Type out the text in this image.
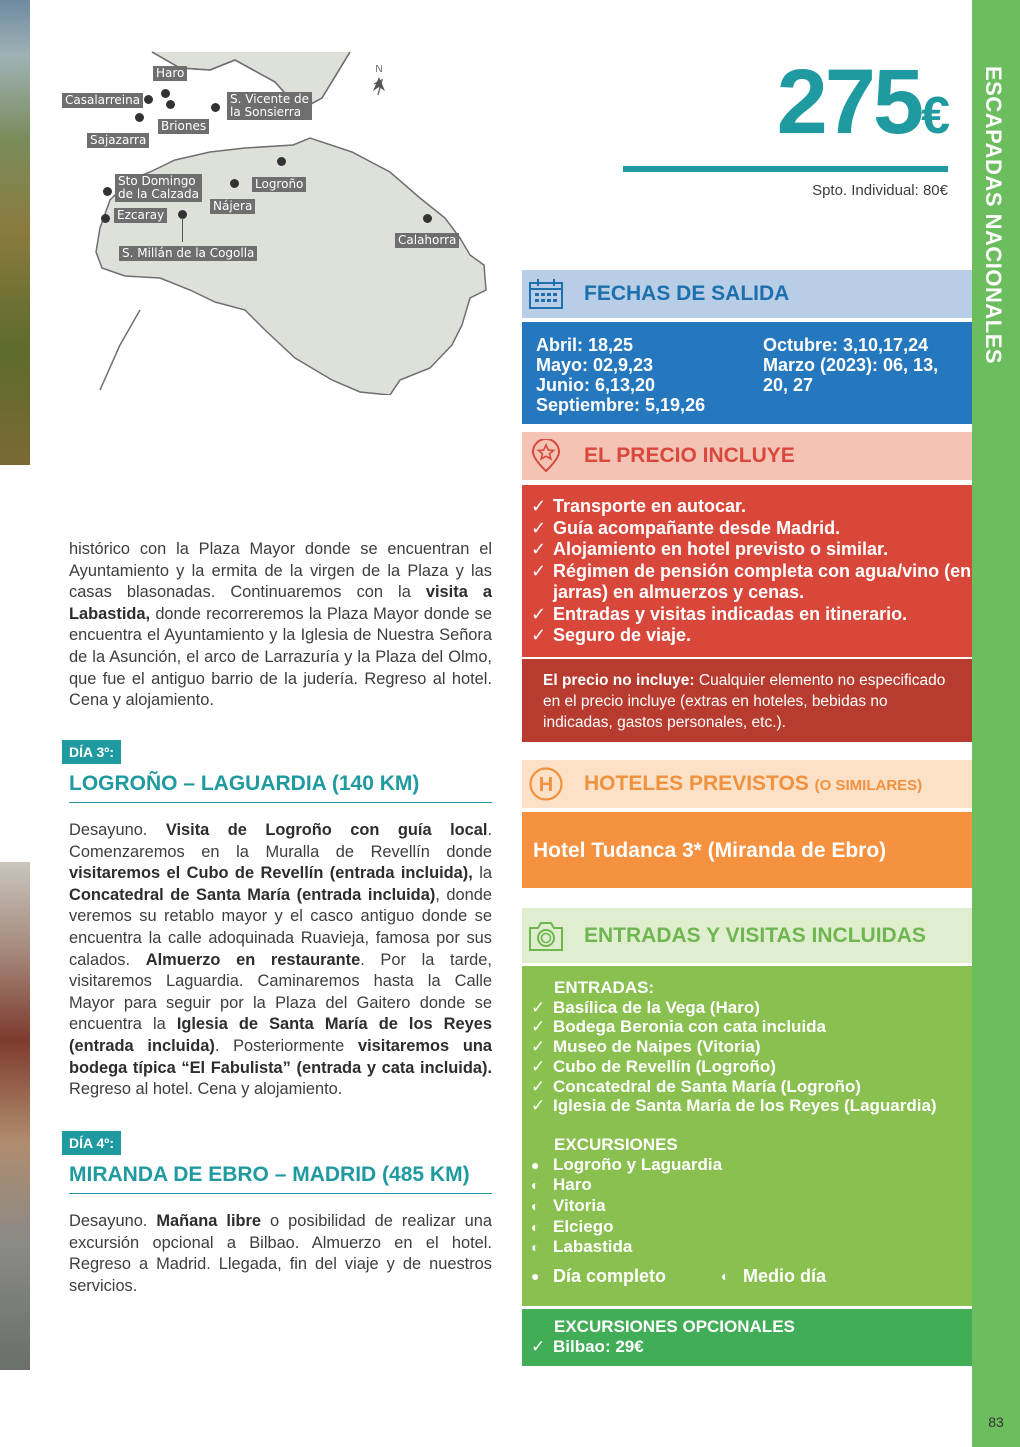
ESCAPADAS NACIONALES
83
N
Haro
Casalarreina
Briones
Sajazarra
S. Vicente de
la Sonsierra
Sto Domingo
de la Calzada
Logroño
Nájera
Ezcaray
S. Millán de la Cogolla
Calahorra
275€
Spto. Individual: 80€
FECHAS DE SALIDA
Abril: 18,25
Mayo: 02,9,23
Junio: 6,13,20
Septiembre: 5,19,26
Octubre: 3,10,17,24
Marzo (2023): 06, 13,
20, 27
EL PRECIO INCLUYE
✓ Transporte en autocar.
✓ Guía acompañante desde Madrid.
✓ Alojamiento en hotel previsto o similar.
✓ Régimen de pensión completa con agua/vino (en jarras) en almuerzos y cenas.
✓ Entradas y visitas indicadas en itinerario.
✓ Seguro de viaje.
El precio no incluye: Cualquier elemento no especificado en el precio incluye (extras en hoteles, bebidas no indicadas, gastos personales, etc.).
H HOTELES PREVISTOS (O SIMILARES)
Hotel Tudanca 3* (Miranda de Ebro)
ENTRADAS Y VISITAS INCLUIDAS
ENTRADAS:
✓ Basílica de la Vega (Haro)
✓ Bodega Beronia con cata incluida
✓ Museo de Naipes (Vitoria)
✓ Cubo de Revellín (Logroño)
✓ Concatedral de Santa María (Logroño)
✓ Iglesia de Santa María de los Reyes (Laguardia)
EXCURSIONES
● Logroño y Laguardia
◐ Haro
◐ Vitoria
◐ Elciego
◐ Labastida
● Día completo	◐ Medio día
EXCURSIONES OPCIONALES
✓ Bilbao: 29€
histórico con la Plaza Mayor donde se encuentran el Ayuntamiento y la ermita de la virgen de la Plaza y las casas blasonadas. Continuaremos con la visita a Labastida, donde recorreremos la Plaza Mayor donde se encuentra el Ayuntamiento y la Iglesia de Nuestra Señora de la Asunción, el arco de Larrazuría y la Plaza del Olmo, que fue el antiguo barrio de la judería. Regreso al hotel. Cena y alojamiento.
DÍA 3º:
LOGROÑO – LAGUARDIA (140 KM)
Desayuno. Visita de Logroño con guía local. Comenzaremos en la Muralla de Revellín donde visitaremos el Cubo de Revellín (entrada incluida), la Concatedral de Santa María (entrada incluida), donde veremos su retablo mayor y el casco antiguo donde se encuentra la calle adoquinada Ruavieja, famosa por sus calados. Almuerzo en restaurante. Por la tarde, visitaremos Laguardia. Caminaremos hasta la Calle Mayor para seguir por la Plaza del Gaitero donde se encuentra la Iglesia de Santa María de los Reyes (entrada incluida). Posteriormente visitaremos una bodega típica “El Fabulista” (entrada y cata incluida). Regreso al hotel. Cena y alojamiento.
DÍA 4º:
MIRANDA DE EBRO – MADRID (485 KM)
Desayuno. Mañana libre o posibilidad de realizar una excursión opcional a Bilbao. Almuerzo en el hotel. Regreso a Madrid. Llegada, fin del viaje y de nuestros servicios.
